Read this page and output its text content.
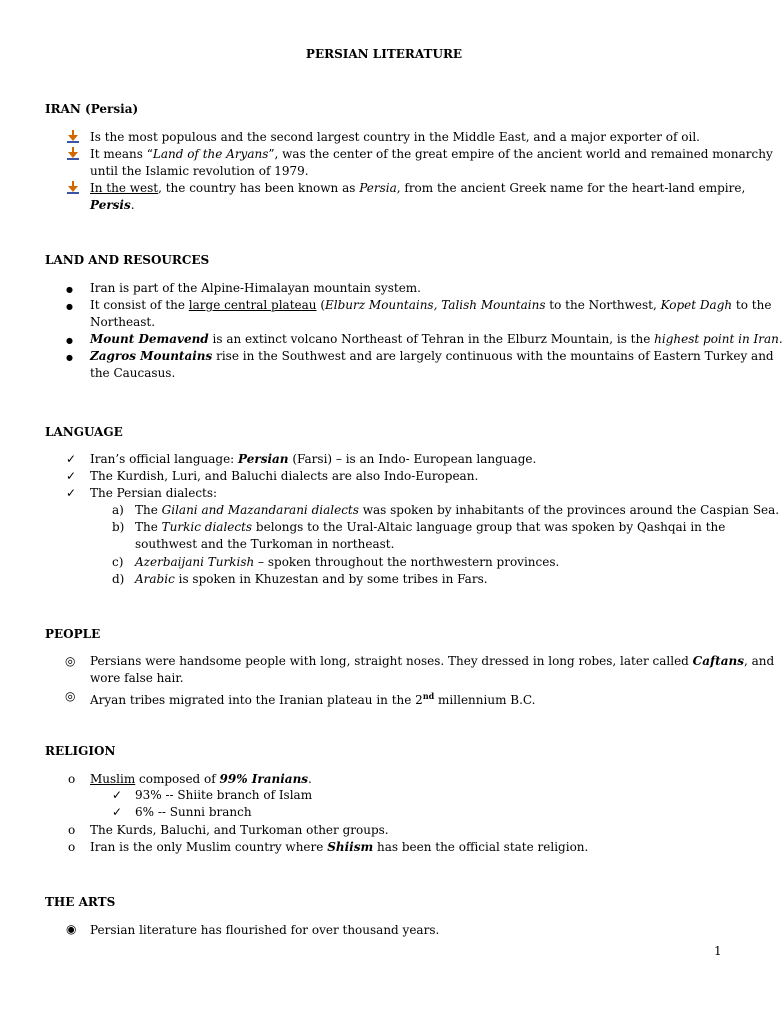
PERSIAN LITERATURE
IRAN (Persia)
Is the most populous and the second largest country in the Middle East, and a major exporter of oil.
It means “Land of the Aryans”, was the center of the great empire of the ancient world and remained monarchy
until the Islamic revolution of 1979.
In the west, the country has been known as Persia, from the ancient Greek name for the heart-land empire,
Persis.
LAND AND RESOURCES
● Iran is part of the Alpine-Himalayan mountain system.
● It consist of the large central plateau (Elburz Mountains, Talish Mountains to the Northwest, Kopet Dagh to the
Northeast.
● Mount Demavend is an extinct volcano Northeast of Tehran in the Elburz Mountain, is the highest point in Iran.
● Zagros Mountains rise in the Southwest and are largely continuous with the mountains of Eastern Turkey and
the Caucasus.
LANGUAGE
✓ Iran’s official language: Persian (Farsi) – is an Indo- European language.
✓ The Kurdish, Luri, and Baluchi dialects are also Indo-European.
✓ The Persian dialects:
a) The Gilani and Mazandarani dialects was spoken by inhabitants of the provinces around the Caspian Sea.
b) The Turkic dialects belongs to the Ural-Altaic language group that was spoken by Qashqai in the
southwest and the Turkoman in northeast.
c) Azerbaijani Turkish – spoken throughout the northwestern provinces.
d) Arabic is spoken in Khuzestan and by some tribes in Fars.
PEOPLE
◎ Persians were handsome people with long, straight noses. They dressed in long robes, later called Caftans, and
wore false hair.
◎ Aryan tribes migrated into the Iranian plateau in the 2nd millennium B.C.
RELIGION
o Muslim composed of 99% Iranians.
✓ 93% -- Shiite branch of Islam
✓ 6% -- Sunni branch
o The Kurds, Baluchi, and Turkoman other groups.
o Iran is the only Muslim country where Shiism has been the official state religion.
THE ARTS
◉ Persian literature has flourished for over thousand years.
1
